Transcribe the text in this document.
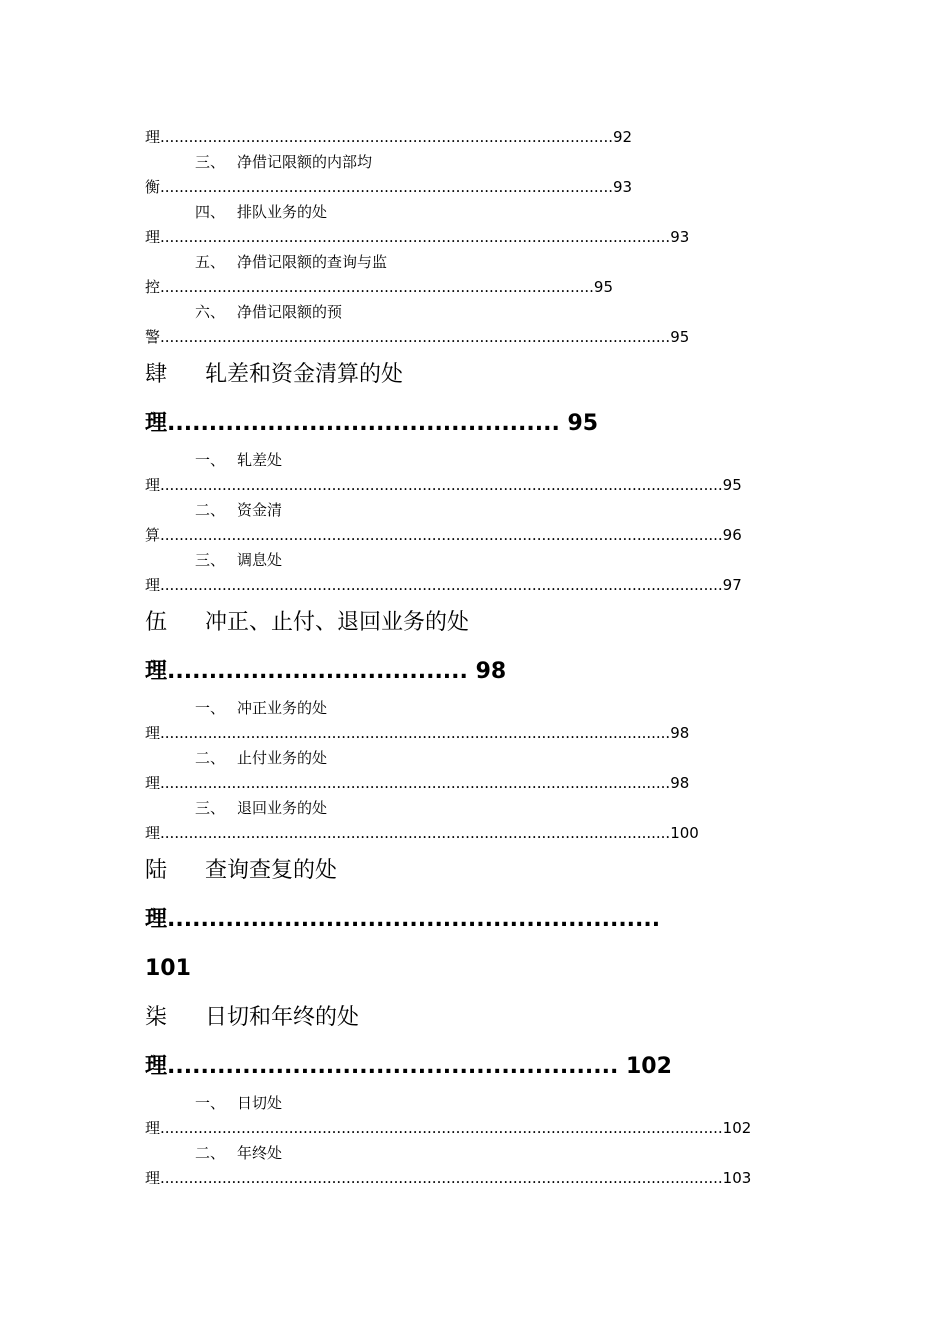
理...............................................................................................92
三、 净借记限额的内部均
衡...............................................................................................93
四、 排队业务的处
理...........................................................................................................93
五、 净借记限额的查询与监
控...........................................................................................95
六、 净借记限额的预
警...........................................................................................................95
肆 轧差和资金清算的处
理............................................... 95
一、 轧差处
理......................................................................................................................95
二、 资金清
算......................................................................................................................96
三、 调息处
理......................................................................................................................97
伍 冲正、止付、退回业务的处
理.................................... 98
一、 冲正业务的处
理...........................................................................................................98
二、 止付业务的处
理...........................................................................................................98
三、 退回业务的处
理...........................................................................................................100
陆 查询查复的处
理...........................................................
101
柒 日切和年终的处
理...................................................... 102
一、 日切处
理......................................................................................................................102
二、 年终处
理......................................................................................................................103
